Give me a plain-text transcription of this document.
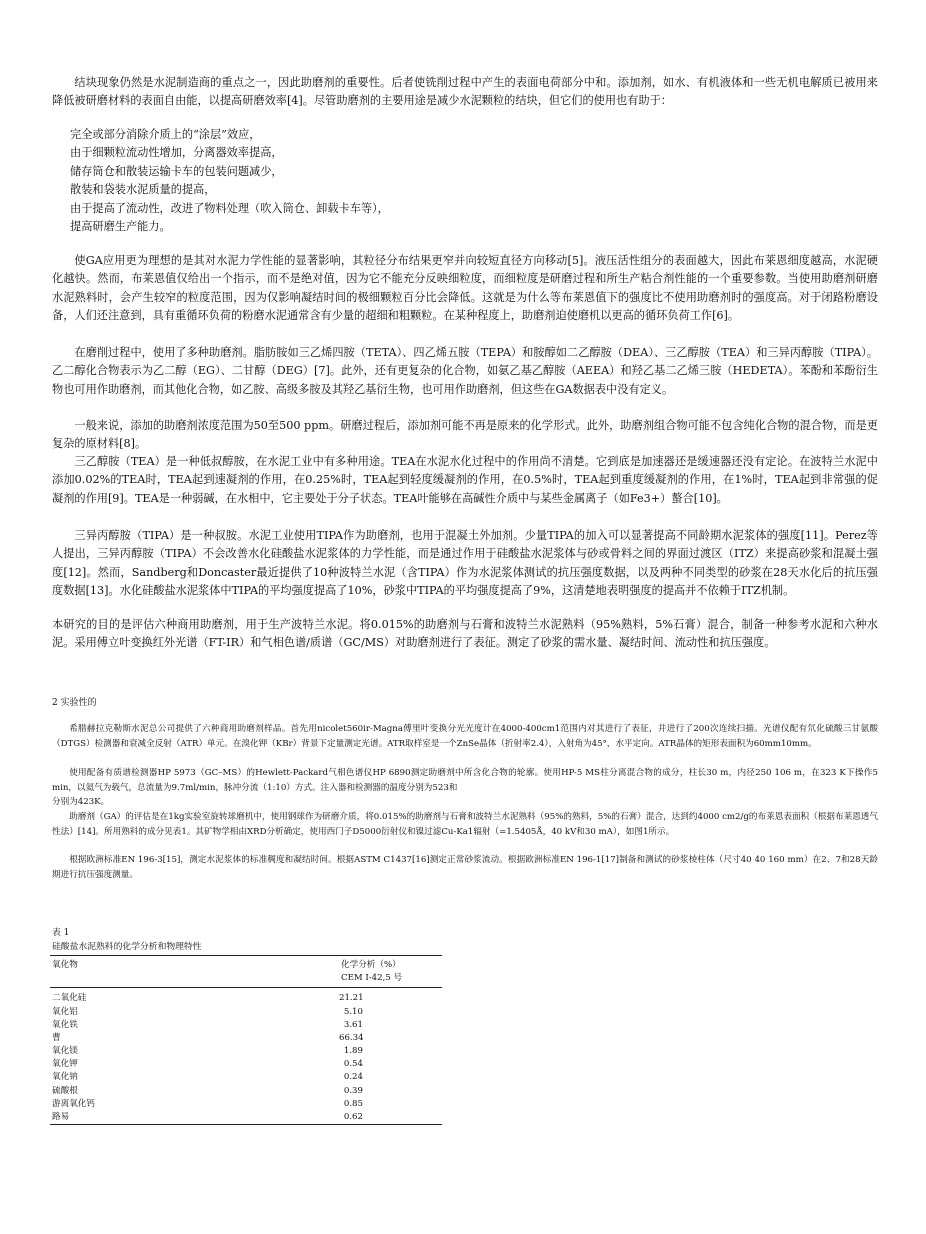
结块现象仍然是水泥制造商的重点之一，因此助磨剂的重要性。后者使铣削过程中产生的表面电荷部分中和。添加剂，如水、有机液体和一些无机电解质已被用来降低被研磨材料的表面自由能，以提高研磨效率[4]。尽管助磨剂的主要用途是减少水泥颗粒的结块，但它们的使用也有助于：

完全或部分消除介质上的“涂层”效应，
由于细颗粒流动性增加，分离器效率提高，
储存筒仓和散装运输卡车的包装问题减少，
散装和袋装水泥质量的提高，
由于提高了流动性，改进了物料处理（吹入筒仓、卸载卡车等），
提高研磨生产能力。

使GA应用更为理想的是其对水泥力学性能的显著影响，其粒径分布结果更窄并向较短直径方向移动[5]。液压活性组分的表面越大，因此布莱恩细度越高，水泥硬化越快。然而，布莱恩值仅给出一个指示，而不是绝对值，因为它不能充分反映细粒度，而细粒度是研磨过程和所生产粘合剂性能的一个重要参数。当使用助磨剂研磨水泥熟料时，会产生较窄的粒度范围，因为仅影响凝结时间的极细颗粒百分比会降低。这就是为什么等布莱恩值下的强度比不使用助磨剂时的强度高。对于闭路粉磨设备，人们还注意到，具有重循环负荷的粉磨水泥通常含有少量的超细和粗颗粒。在某种程度上，助磨剂迫使磨机以更高的循环负荷工作[6]。

在磨削过程中，使用了多种助磨剂。脂肪胺如三乙烯四胺（TETA）、四乙烯五胺（TEPA）和胺醇如二乙醇胺（DEA）、三乙醇胺（TEA）和三异丙醇胺（TIPA）。乙二醇化合物表示为乙二醇（EG）、二甘醇（DEG）[7]。此外，还有更复杂的化合物，如氨乙基乙醇胺（AEEA）和羟乙基二乙烯三胺（HEDETA）。苯酚和苯酚衍生物也可用作助磨剂，而其他化合物，如乙胺、高级多胺及其羟乙基衍生物，也可用作助磨剂，但这些在GA数据表中没有定义。

一般来说，添加的助磨剂浓度范围为50至500 ppm。研磨过程后，添加剂可能不再是原来的化学形式。此外，助磨剂组合物可能不包含纯化合物的混合物，而是更复杂的原材料[8]。

三乙醇胺（TEA）是一种低叔醇胺，在水泥工业中有多种用途。TEA在水泥水化过程中的作用尚不清楚。它到底是加速器还是缓速器还没有定论。在波特兰水泥中添加0.02%的TEA时，TEA起到速凝剂的作用，在0.25%时，TEA起到轻度缓凝剂的作用，在0.5%时，TEA起到重度缓凝剂的作用，在1%时，TEA起到非常强的促凝剂的作用[9]。TEA是一种弱碱，在水相中，它主要处于分子状态。TEA叶能够在高碱性介质中与某些金属离子（如Fe3+）螯合[10]。

三异丙醇胺（TIPA）是一种叔胺。水泥工业使用TIPA作为助磨剂，也用于混凝土外加剂。少量TIPA的加入可以显著提高不同龄期水泥浆体的强度[11]。Perez等人提出，三异丙醇胺（TIPA）不会改善水化硅酸盐水泥浆体的力学性能，而是通过作用于硅酸盐水泥浆体与砂或骨料之间的界面过渡区（ITZ）来提高砂浆和混凝土强度[12]。然而，Sandberg和Doncaster最近提供了10种波特兰水泥（含TIPA）作为水泥浆体测试的抗压强度数据，以及两种不同类型的砂浆在28天水化后的抗压强度数据[13]。水化硅酸盐水泥浆体中TIPA的平均强度提高了10%，砂浆中TIPA的平均强度提高了9%，这清楚地表明强度的提高并不依赖于ITZ机制。

本研究的目的是评估六种商用助磨剂，用于生产波特兰水泥。将0.015%的助磨剂与石膏和波特兰水泥熟料（95%熟料，5%石膏）混合，制备一种参考水泥和六种水泥。采用傅立叶变换红外光谱（FT-IR）和气相色谱/质谱（GC/MS）对助磨剂进行了表征。测定了砂浆的需水量、凝结时间、流动性和抗压强度。

2 实验性的

希腊赫拉克勒斯水泥总公司提供了六种商用助磨剂样品。首先用nicolet560ir-Magna傅里叶变换分光光度计在4000-400cm1范围内对其进行了表征，并进行了200次连续扫描。光谱仪配有氘化硫酸三甘氨酸（DTGS）检测器和衰减全反射（ATR）单元。在溴化钾（KBr）背景下定量测定光谱。ATR取样室是一个ZnSe晶体（折射率2.4），入射角为45°，水平定向。ATR晶体的矩形表面积为60mm10mm。

使用配备有质谱检测器HP 5973（GC–MS）的Hewlett-Packard气相色谱仪HP 6890测定助磨剂中所含化合物的轮廓。使用HP-5 MS柱分离混合物的成分，柱长30 m，内径250 106 m，在323 K下操作5 min，以氦气为载气，总流量为9.7ml/min，脉冲分流（1:10）方式。注入器和检测器的温度分别为523和

分别为423K。

助磨剂（GA）的评估是在1kg实验室旋转球磨机中，使用钢球作为研磨介质，将0.015%的助磨剂与石膏和波特兰水泥熟料（95%的熟料，5%的石膏）混合，达到约4000 cm2/g的布莱恩表面积（根据布莱恩透气性法）[14]。所用熟料的成分见表1。其矿物学相由XRD分析确定，使用西门子D5000衍射仪和镍过滤Cu-Ka1辐射（=1.5405Å，40 kV和30 mA），如图1所示。

根据欧洲标准EN 196-3[15]，测定水泥浆体的标准稠度和凝结时间。根据ASTM C1437[16]测定正常砂浆流动。根据欧洲标准EN 196-1[17]制备和测试的砂浆棱柱体（尺寸40 40 160 mm）在2、7和28天龄期进行抗压强度测量。

表 1

硅酸盐水泥熟料的化学分析和物理特性

氧化物	化学分析（%）
CEM I-42,5 号

二氧化硅	21.21
氧化铝	5.10
氧化铁	3.61
曹	66.34
氧化镁	1.89
氧化钾	0.54
氧化钠	0.24
硫酸根	0.39
游离氧化钙	0.85
路易	0.62
